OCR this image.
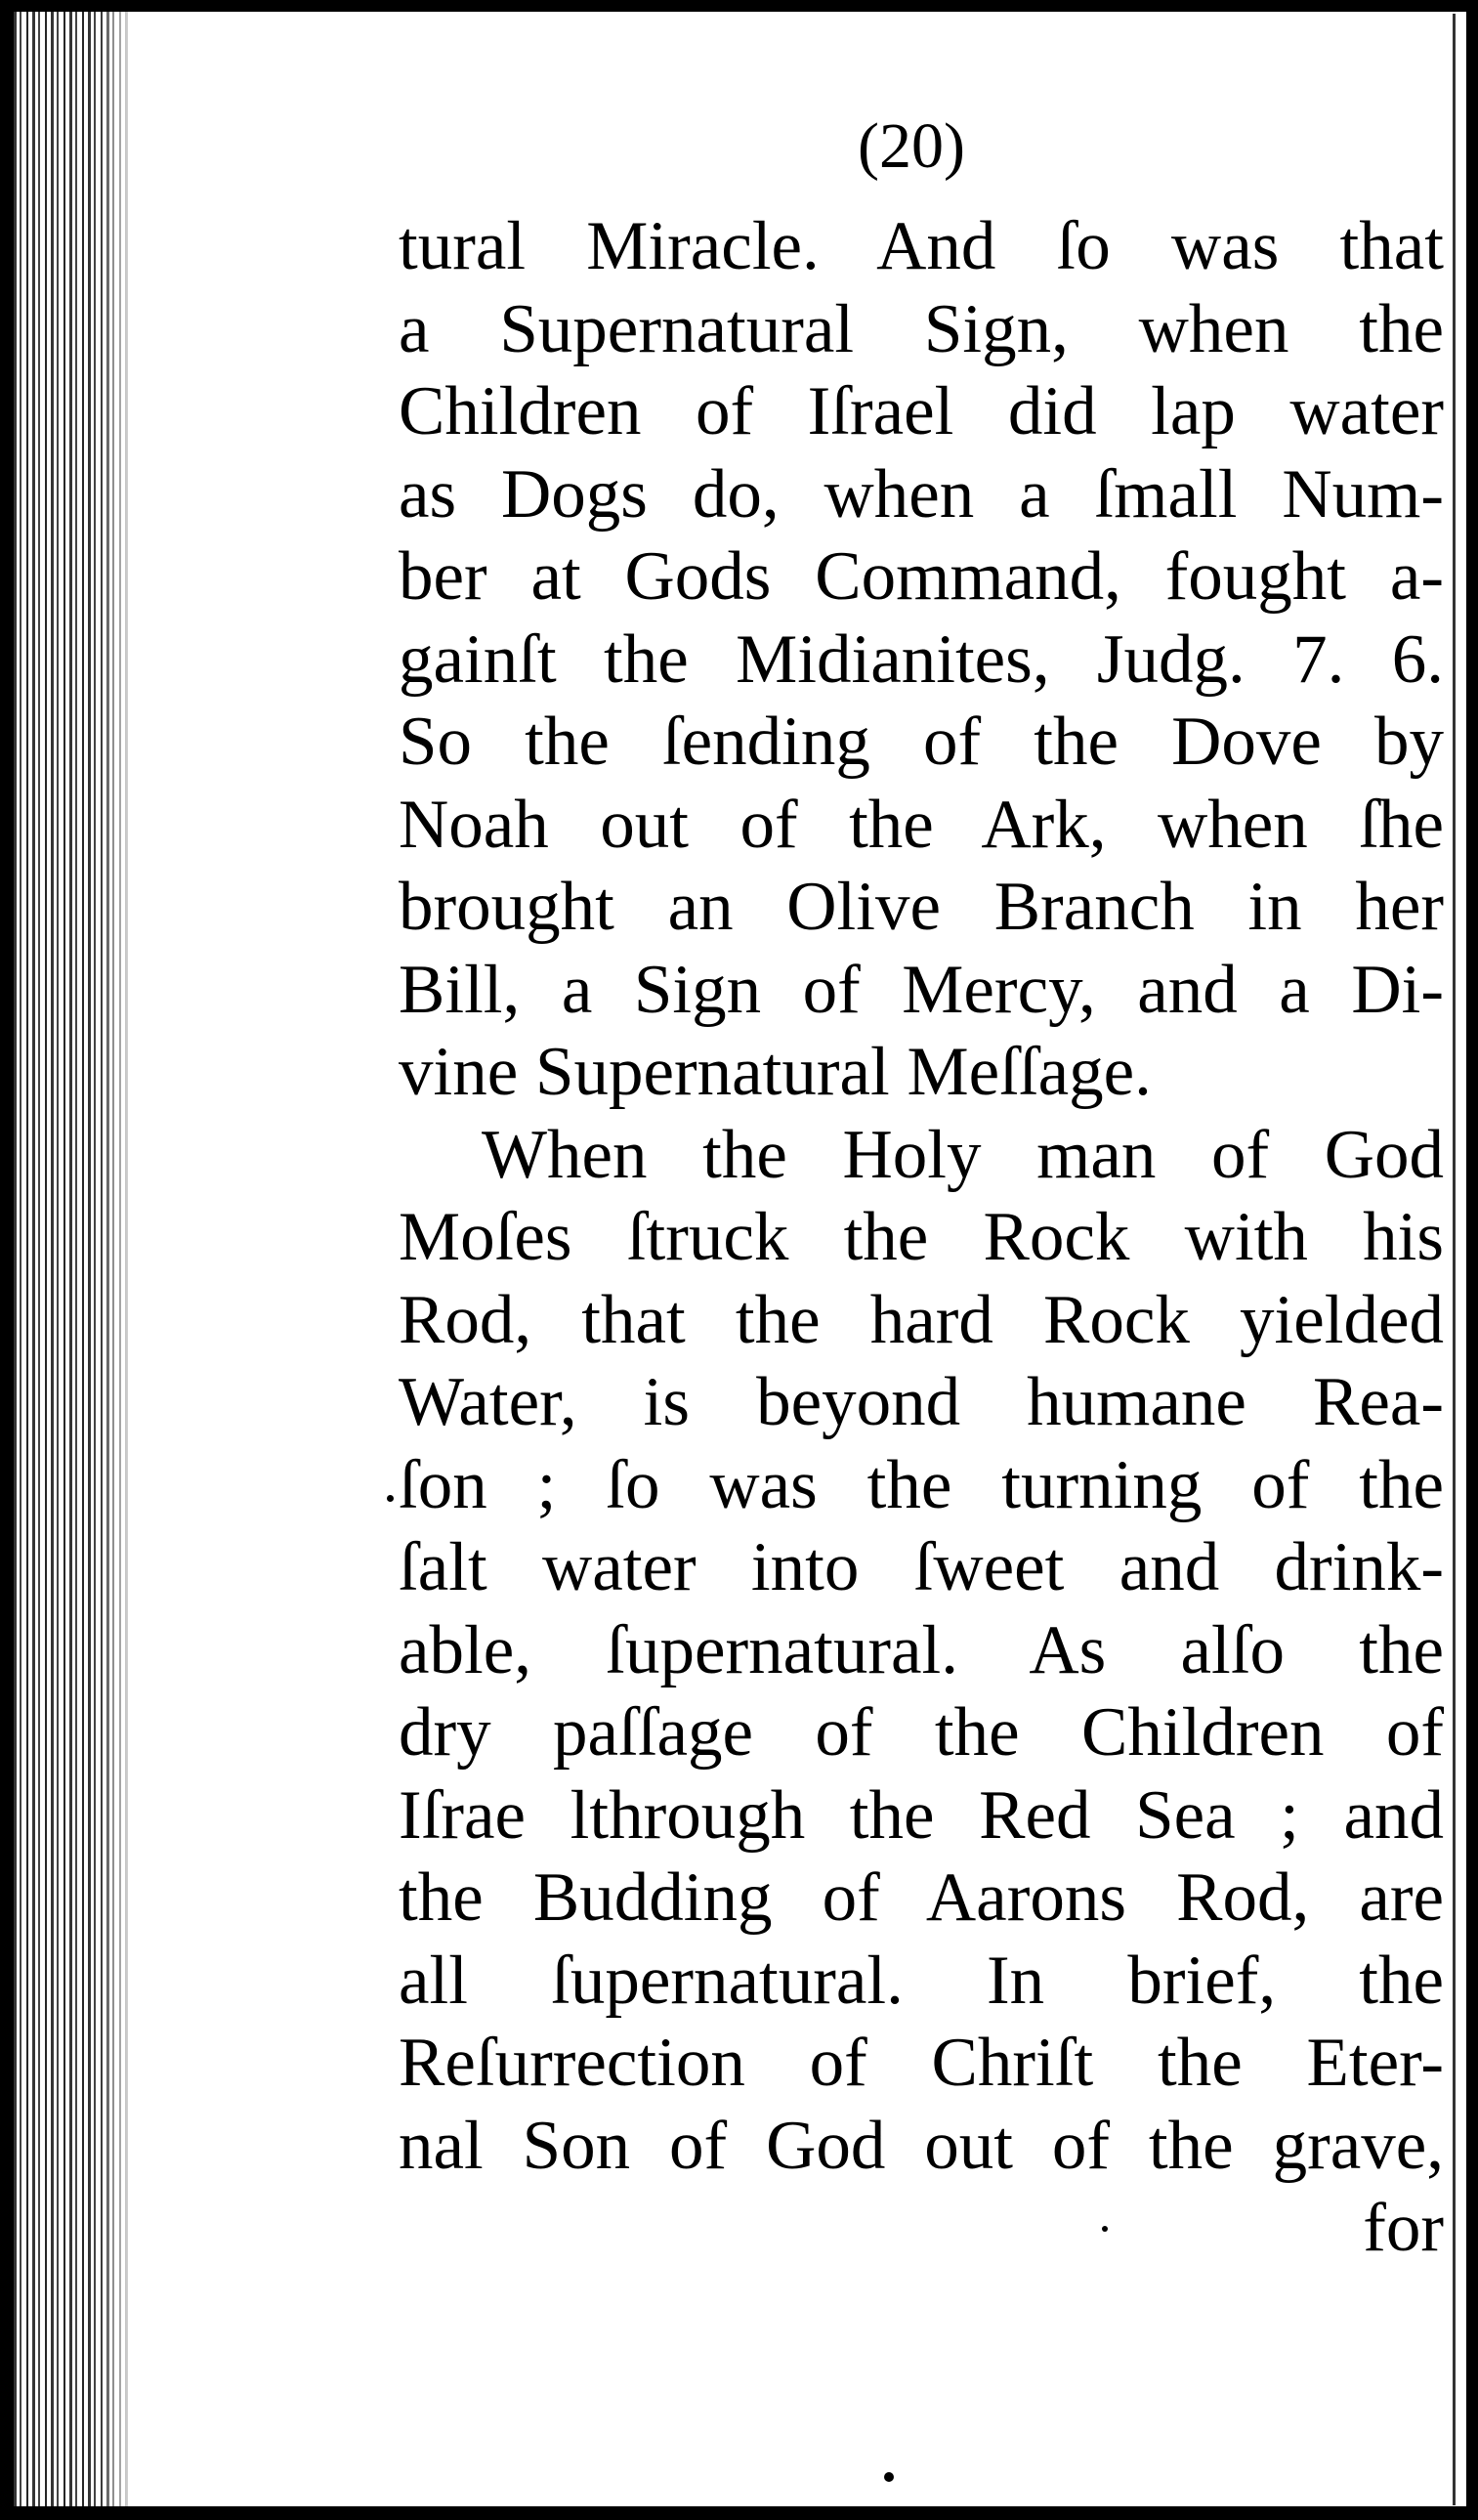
(20)
tural Miracle. And ſo was that
a Supernatural Sign, when the
Children of Iſrael did lap water
as Dogs do, when a ſmall Num-
ber at Gods Command, fought a-
gainſt the Midianites, Judg. 7. 6.
So the ſending of the Dove by
Noah out of the Ark, when ſhe
brought an Olive Branch in her
Bill, a Sign of Mercy, and a Di-
vine Supernatural Meſſage.
When the Holy man of God
Moſes ſtruck the Rock with his
Rod, that the hard Rock yielded
Water, is beyond humane Rea-
ſon ; ſo was the turning of the
ſalt water into ſweet and drink-
able, ſupernatural. As alſo the
dry paſſage of the Children of
Iſrae lthrough the Red Sea ; and
the Budding of Aarons Rod, are
all ſupernatural. In brief, the
Reſurrection of Chriſt the Eter-
nal Son of God out of the grave,
for
